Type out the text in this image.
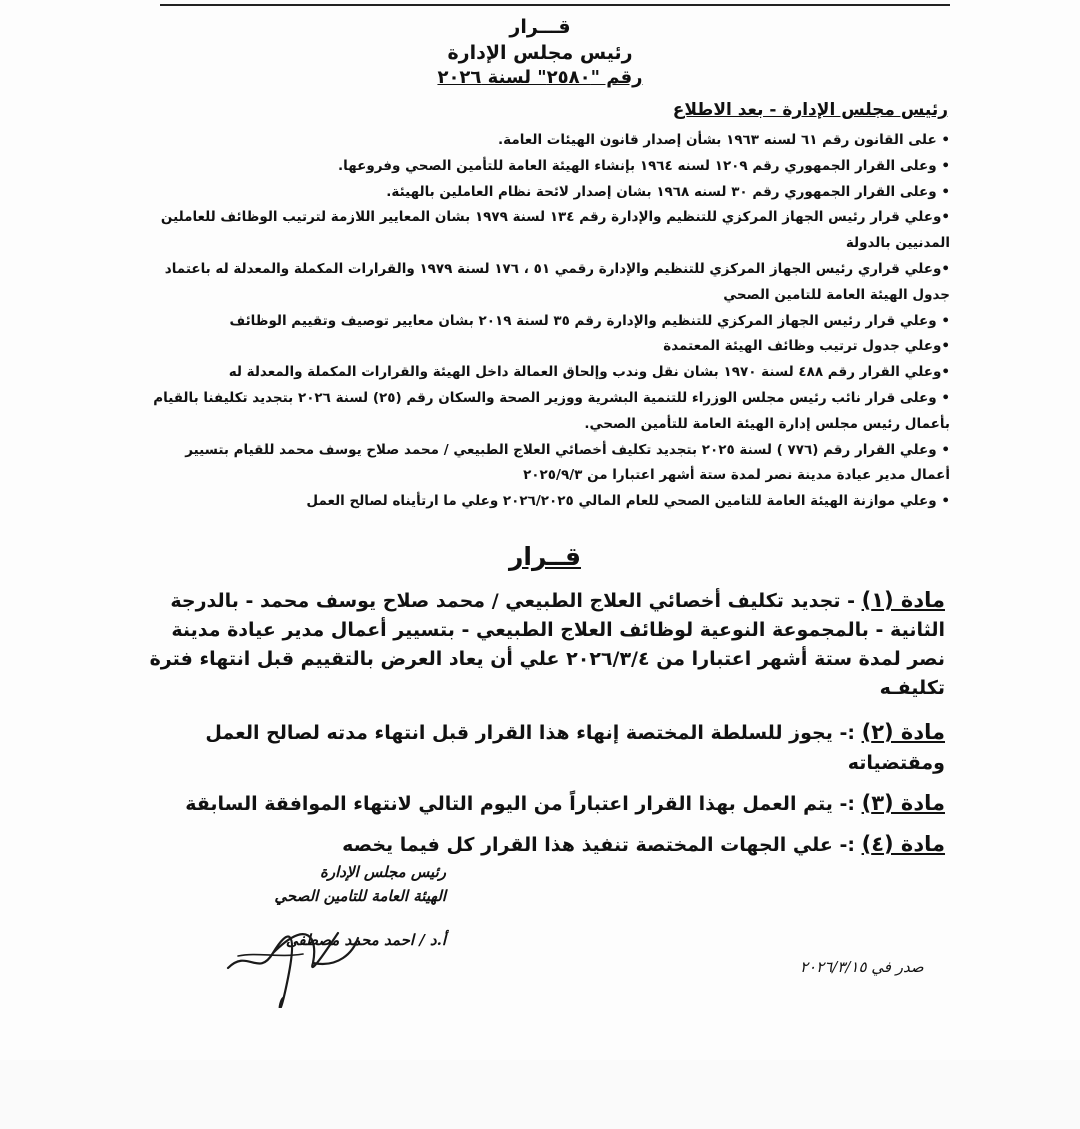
قـــرار
رئيس مجلس الإدارة
رقم "٢٥٨٠" لسنة ٢٠٢٦
رئيس مجلس الإدارة - بعد الاطلاع

• على القانون رقم ٦١ لسنه ١٩٦٣ بشأن إصدار قانون الهيئات العامة.

• وعلى القرار الجمهوري رقم ١٢٠٩ لسنه ١٩٦٤ بإنشاء الهيئة العامة للتأمين الصحي وفروعها.

• وعلى القرار الجمهوري رقم ٣٠ لسنه ١٩٦٨ بشان إصدار لائحة نظام العاملين بالهيئة.

•وعلي قرار رئيس الجهاز المركزي للتنظيم والإدارة رقم ١٣٤ لسنة ١٩٧٩ بشان المعايير اللازمة لترتيب الوظائف للعاملين المدنيين بالدولة

•وعلي قراري رئيس الجهاز المركزي للتنظيم والإدارة رقمي ٥١ ، ١٧٦ لسنة ١٩٧٩ والقرارات المكملة والمعدلة له باعتماد جدول الهيئة العامة للتامين الصحي

• وعلي قرار رئيس الجهاز المركزي للتنظيم والإدارة رقم ٣٥ لسنة ٢٠١٩ بشان معايير توصيف وتقييم الوظائف

•وعلي جدول ترتيب وظائف الهيئة المعتمدة

•وعلي القرار رقم ٤٨٨ لسنة ١٩٧٠ بشان نقل وندب وإلحاق العمالة داخل الهيئة والقرارات المكملة والمعدلة له

• وعلى قرار نائب رئيس مجلس الوزراء للتنمية البشرية ووزير الصحة والسكان رقم (٢٥) لسنة ٢٠٢٦ بتجديد تكليفنا بالقيام بأعمال رئيس مجلس إدارة الهيئة العامة للتأمين الصحي.

• وعلي القرار رقم (٧٧٦ ) لسنة ٢٠٢٥ بتجديد تكليف أخصائي العلاج الطبيعي / محمد صلاح يوسف محمد للقيام بتسيير أعمال مدير عيادة مدينة نصر لمدة ستة أشهر اعتبارا من ٢٠٢٥/٩/٣

• وعلي موازنة الهيئة العامة للتامين الصحي للعام المالي ٢٠٢٦/٢٠٢٥ وعلي ما ارتأيناه لصالح العمل

قــرار

مادة (١) - تجديد تكليف أخصائي العلاج الطبيعي / محمد صلاح يوسف محمد - بالدرجة الثانية - بالمجموعة النوعية لوظائف العلاج الطبيعي - بتسيير أعمال مدير عيادة مدينة نصر لمدة ستة أشهر اعتبارا من ٢٠٢٦/٣/٤ علي أن يعاد العرض بالتقييم قبل انتهاء فترة تكليفـه

مادة (٢) :- يجوز للسلطة المختصة إنهاء هذا القرار قبل انتهاء مدته لصالح العمل ومقتضياته

مادة (٣) :- يتم العمل بهذا القرار اعتباراً من اليوم التالي لانتهاء الموافقة السابقة

مادة (٤) :- علي الجهات المختصة تنفيذ هذا القرار كل فيما يخصه

رئيس مجلس الإدارة
الهيئة العامة للتامين الصحي
أ.د / احمد محمد مصطفى
صدر في ٢٠٢٦/٣/١٥
